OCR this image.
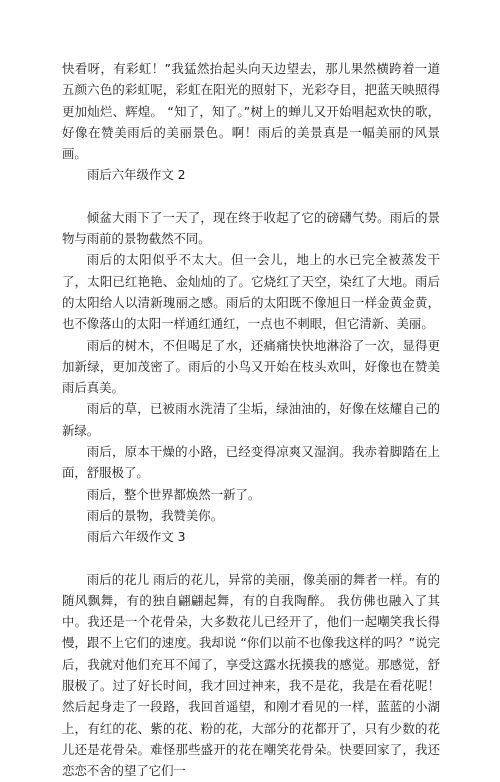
快看呀，有彩虹！”我猛然抬起头向天边望去，那儿果然横跨着一道五颜六色的彩虹呢，彩虹在阳光的照射下，光彩夺目，把蓝天映照得更加灿烂、辉煌。 “知了，知了。”树上的蝉儿又开始唱起欢快的歌，好像在赞美雨后的美丽景色。啊！雨后的美景真是一幅美丽的风景画。

雨后六年级作文 2

倾盆大雨下了一天了，现在终于收起了它的磅礴气势。雨后的景物与雨前的景物截然不同。

雨后的太阳似乎不太大。但一会儿，地上的水已完全被蒸发干了，太阳已红艳艳、金灿灿的了。它烧红了天空，染红了大地。雨后的太阳给人以清新瑰丽之感。雨后的太阳既不像旭日一样金黄金黄，也不像落山的太阳一样通红通红，一点也不刺眼，但它清新、美丽。

雨后的树木，不但喝足了水，还痛痛快快地淋浴了一次，显得更加新绿，更加茂密了。雨后的小鸟又开始在枝头欢叫，好像也在赞美雨后真美。

雨后的草，已被雨水洗清了尘垢，绿油油的，好像在炫耀自己的新绿。

雨后，原本干燥的小路，已经变得凉爽又湿润。我赤着脚踏在上面，舒服极了。

雨后，整个世界都焕然一新了。

雨后的景物，我赞美你。

雨后六年级作文 3

雨后的花儿 雨后的花儿，异常的美丽，像美丽的舞者一样。有的随风飘舞，有的独自翩翩起舞，有的自我陶醉。 我仿佛也融入了其中。我还是一个花骨朵，大多数花儿已经开了，他们一起嘲笑我长得慢，跟不上它们的速度。我却说 “你们以前不也像我这样的吗？”说完后，我就对他们充耳不闻了，享受这露水抚摸我的感觉。那感觉，舒服极了。过了好长时间，我才回过神来，我不是花，我是在看花呢！然后起身走了一段路，我回首遥望，和刚才看见的一样，蓝蓝的小湖上，有红的花、紫的花、粉的花，大部分的花都开了，只有少数的花儿还是花骨朵。难怪那些盛开的花在嘲笑花骨朵。快要回家了，我还恋恋不舍的望了它们一
